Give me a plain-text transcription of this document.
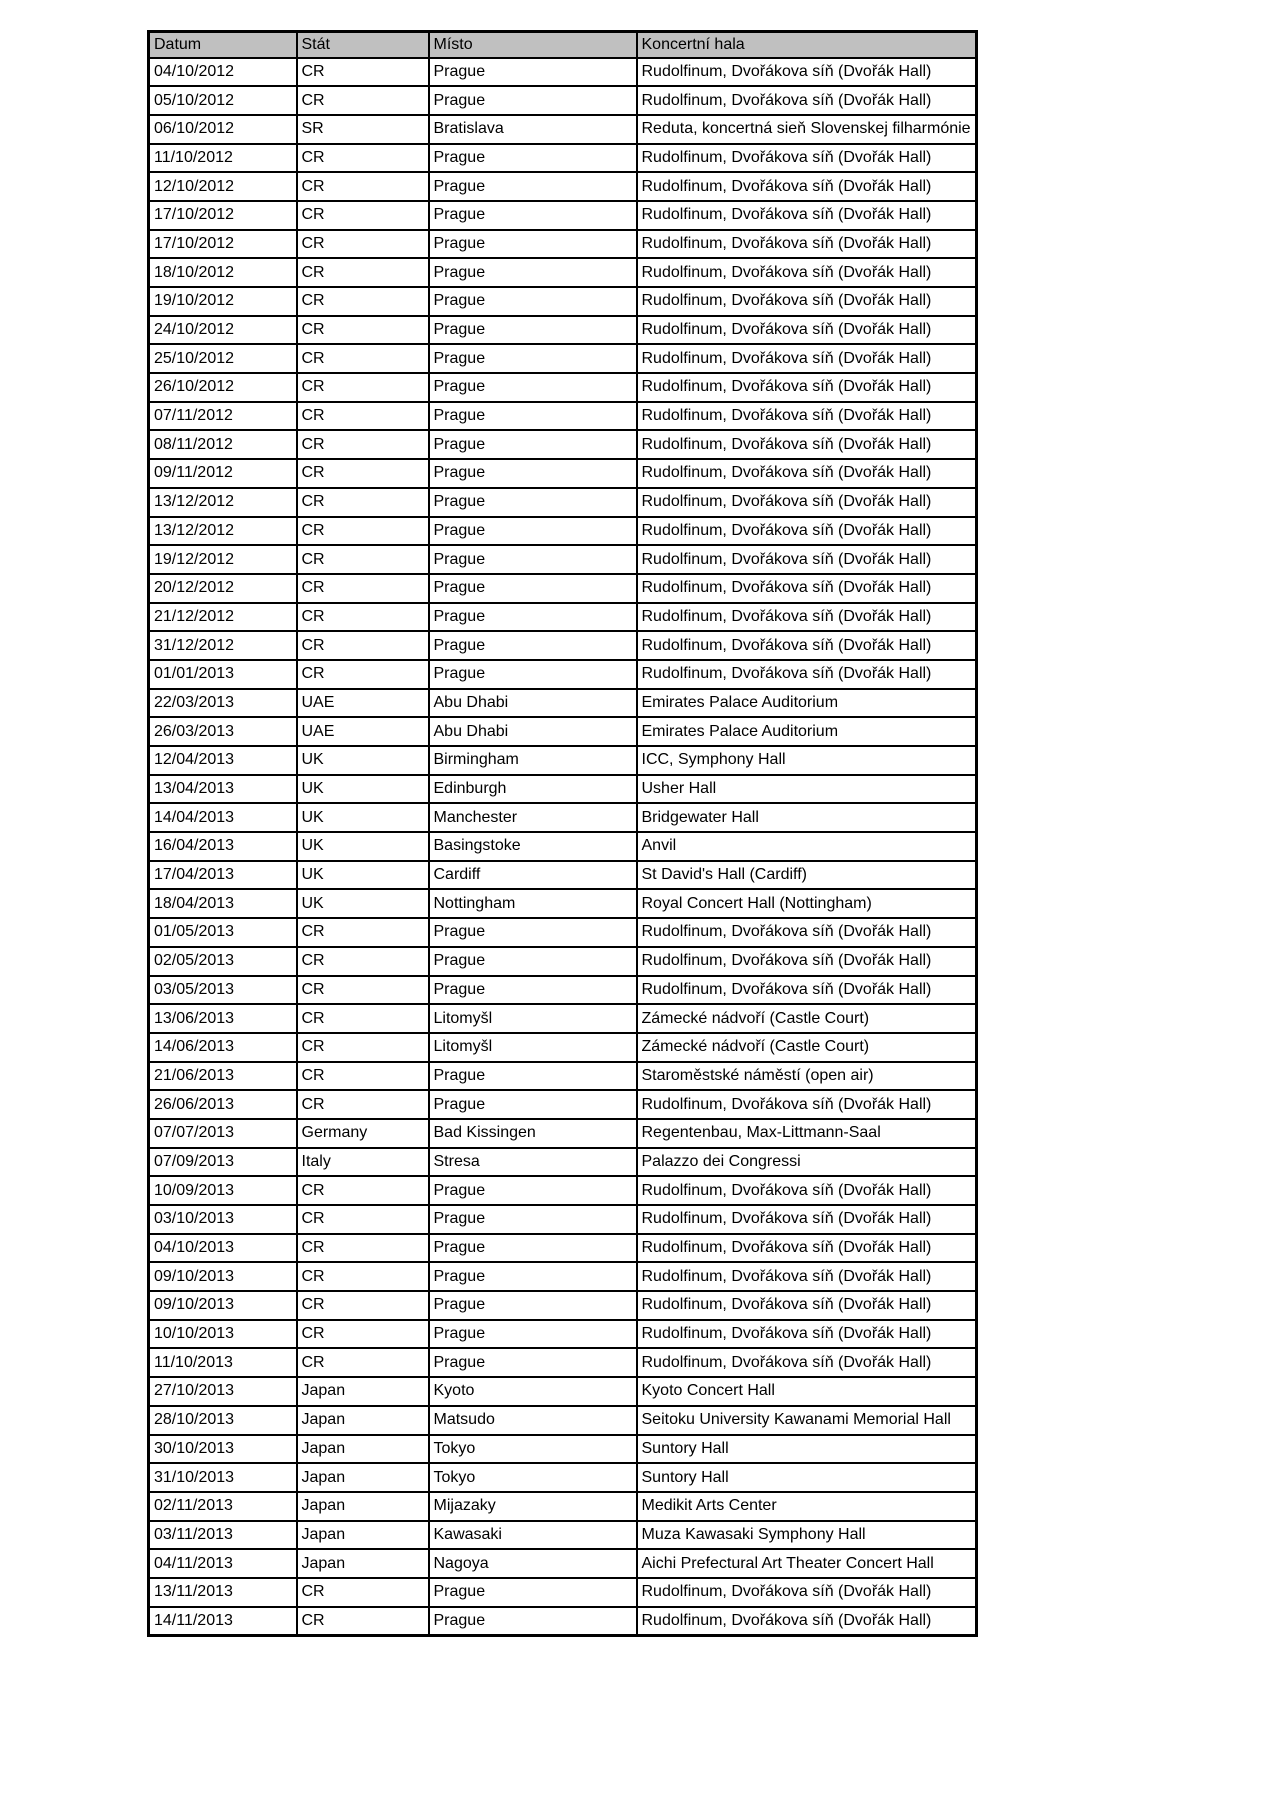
Datum	Stát	Místo	Koncertní hala
04/10/2012	CR	Prague	Rudolfinum, Dvořákova síň (Dvořák Hall)
05/10/2012	CR	Prague	Rudolfinum, Dvořákova síň (Dvořák Hall)
06/10/2012	SR	Bratislava	Reduta, koncertná sieň Slovenskej filharmónie
11/10/2012	CR	Prague	Rudolfinum, Dvořákova síň (Dvořák Hall)
12/10/2012	CR	Prague	Rudolfinum, Dvořákova síň (Dvořák Hall)
17/10/2012	CR	Prague	Rudolfinum, Dvořákova síň (Dvořák Hall)
17/10/2012	CR	Prague	Rudolfinum, Dvořákova síň (Dvořák Hall)
18/10/2012	CR	Prague	Rudolfinum, Dvořákova síň (Dvořák Hall)
19/10/2012	CR	Prague	Rudolfinum, Dvořákova síň (Dvořák Hall)
24/10/2012	CR	Prague	Rudolfinum, Dvořákova síň (Dvořák Hall)
25/10/2012	CR	Prague	Rudolfinum, Dvořákova síň (Dvořák Hall)
26/10/2012	CR	Prague	Rudolfinum, Dvořákova síň (Dvořák Hall)
07/11/2012	CR	Prague	Rudolfinum, Dvořákova síň (Dvořák Hall)
08/11/2012	CR	Prague	Rudolfinum, Dvořákova síň (Dvořák Hall)
09/11/2012	CR	Prague	Rudolfinum, Dvořákova síň (Dvořák Hall)
13/12/2012	CR	Prague	Rudolfinum, Dvořákova síň (Dvořák Hall)
13/12/2012	CR	Prague	Rudolfinum, Dvořákova síň (Dvořák Hall)
19/12/2012	CR	Prague	Rudolfinum, Dvořákova síň (Dvořák Hall)
20/12/2012	CR	Prague	Rudolfinum, Dvořákova síň (Dvořák Hall)
21/12/2012	CR	Prague	Rudolfinum, Dvořákova síň (Dvořák Hall)
31/12/2012	CR	Prague	Rudolfinum, Dvořákova síň (Dvořák Hall)
01/01/2013	CR	Prague	Rudolfinum, Dvořákova síň (Dvořák Hall)
22/03/2013	UAE	Abu Dhabi	Emirates Palace Auditorium
26/03/2013	UAE	Abu Dhabi	Emirates Palace Auditorium
12/04/2013	UK	Birmingham	ICC, Symphony Hall
13/04/2013	UK	Edinburgh	Usher Hall
14/04/2013	UK	Manchester	Bridgewater Hall
16/04/2013	UK	Basingstoke	Anvil
17/04/2013	UK	Cardiff	St David's Hall (Cardiff)
18/04/2013	UK	Nottingham	Royal Concert Hall (Nottingham)
01/05/2013	CR	Prague	Rudolfinum, Dvořákova síň (Dvořák Hall)
02/05/2013	CR	Prague	Rudolfinum, Dvořákova síň (Dvořák Hall)
03/05/2013	CR	Prague	Rudolfinum, Dvořákova síň (Dvořák Hall)
13/06/2013	CR	Litomyšl	Zámecké nádvoří (Castle Court)
14/06/2013	CR	Litomyšl	Zámecké nádvoří (Castle Court)
21/06/2013	CR	Prague	Staroměstské náměstí (open air)
26/06/2013	CR	Prague	Rudolfinum, Dvořákova síň (Dvořák Hall)
07/07/2013	Germany	Bad Kissingen	Regentenbau, Max-Littmann-Saal
07/09/2013	Italy	Stresa	Palazzo dei Congressi
10/09/2013	CR	Prague	Rudolfinum, Dvořákova síň (Dvořák Hall)
03/10/2013	CR	Prague	Rudolfinum, Dvořákova síň (Dvořák Hall)
04/10/2013	CR	Prague	Rudolfinum, Dvořákova síň (Dvořák Hall)
09/10/2013	CR	Prague	Rudolfinum, Dvořákova síň (Dvořák Hall)
09/10/2013	CR	Prague	Rudolfinum, Dvořákova síň (Dvořák Hall)
10/10/2013	CR	Prague	Rudolfinum, Dvořákova síň (Dvořák Hall)
11/10/2013	CR	Prague	Rudolfinum, Dvořákova síň (Dvořák Hall)
27/10/2013	Japan	Kyoto	Kyoto Concert Hall
28/10/2013	Japan	Matsudo	Seitoku University Kawanami Memorial Hall
30/10/2013	Japan	Tokyo	Suntory Hall
31/10/2013	Japan	Tokyo	Suntory Hall
02/11/2013	Japan	Mijazaky	Medikit Arts Center
03/11/2013	Japan	Kawasaki	Muza Kawasaki Symphony Hall
04/11/2013	Japan	Nagoya	Aichi Prefectural Art Theater Concert Hall
13/11/2013	CR	Prague	Rudolfinum, Dvořákova síň (Dvořák Hall)
14/11/2013	CR	Prague	Rudolfinum, Dvořákova síň (Dvořák Hall)
